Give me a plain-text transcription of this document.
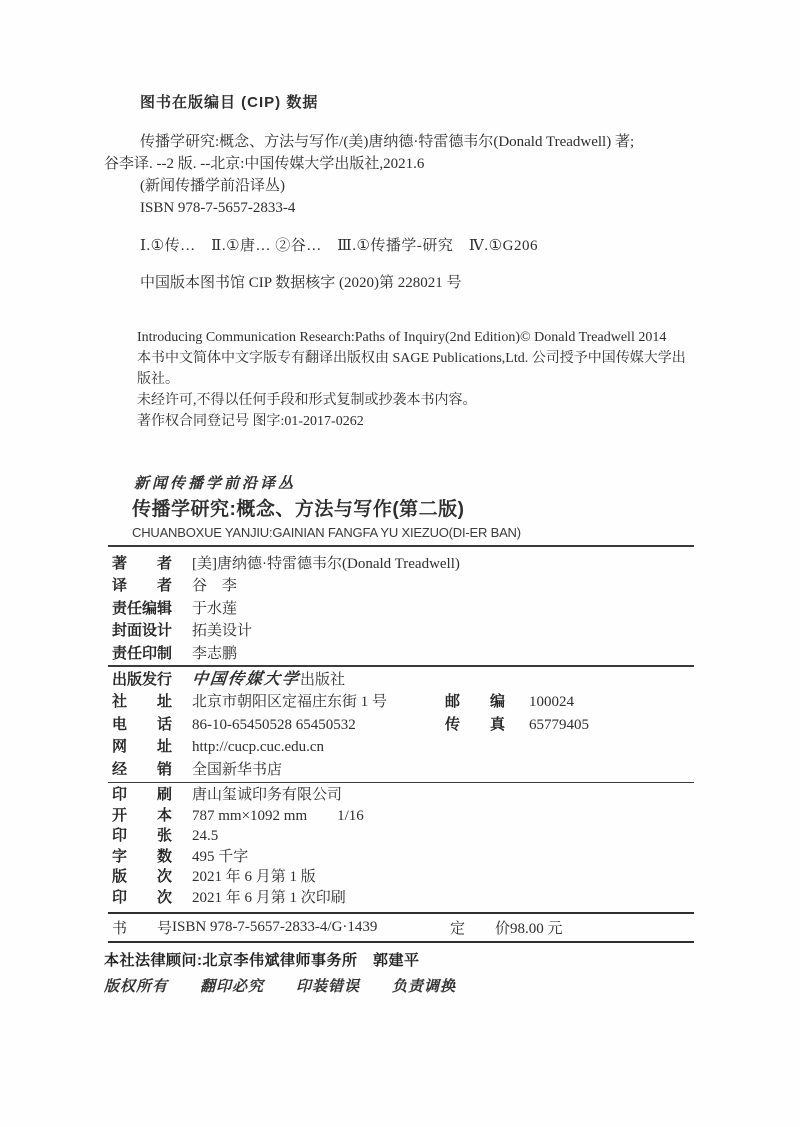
图书在版编目 (CIP) 数据
传播学研究:概念、方法与写作/(美)唐纳德·特雷德韦尔(Donald Treadwell) 著;
谷李译. --2 版. --北京:中国传媒大学出版社,2021.6
(新闻传播学前沿译丛)
ISBN 978-7-5657-2833-4
Ⅰ.①传…　Ⅱ.①唐… ②谷…　Ⅲ.①传播学-研究　Ⅳ.①G206
中国版本图书馆 CIP 数据核字 (2020)第 228021 号
Introducing Communication Research:Paths of Inquiry(2nd Edition)© Donald Treadwell 2014
本书中文简体中文字版专有翻译出版权由 SAGE Publications,Ltd. 公司授予中国传媒大学出版社。
未经许可,不得以任何手段和形式复制或抄袭本书内容。
著作权合同登记号 图字:01-2017-0262
新闻传播学前沿译丛
传播学研究:概念、方法与写作(第二版)
CHUANBOXUE YANJIU:GAINIAN FANGFA YU XIEZUO(DI-ER BAN)
著　　者 [美]唐纳德·特雷德韦尔(Donald Treadwell)
译　　者 谷　李
责任编辑 于水莲
封面设计 拓美设计
责任印制 李志鹏
出版发行 中国传媒大学出版社
社　　址 北京市朝阳区定福庄东街 1 号	邮　　编 100024
电　　话 86-10-65450528 65450532	传　　真 65779405
网　　址 http://cucp.cuc.edu.cn
经　　销 全国新华书店
印　　刷 唐山玺诚印务有限公司
开　　本 787 mm×1092 mm　　1/16
印　　张 24.5
字　　数 495 千字
版　　次 2021 年 6 月第 1 版
印　　次 2021 年 6 月第 1 次印刷
书　　号 ISBN 978-7-5657-2833-4/G·1439	定　　价98.00 元
本社法律顾问:北京李伟斌律师事务所　郭建平
版权所有　　翻印必究　　印装错误　　负责调换
